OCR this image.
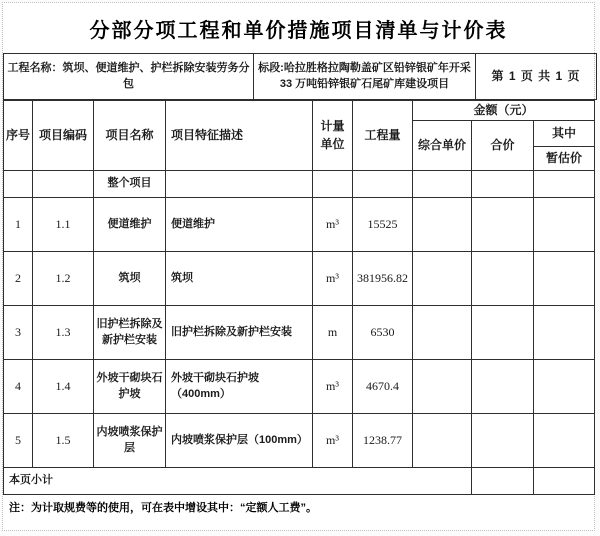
分部分项工程和单价措施项目清单与计价表
工程名称：筑坝、便道维护、护栏拆除安装劳务分包	标段:哈拉胜格拉陶勒盖矿区铅锌银矿年开采 33 万吨铅锌银矿石尾矿库建设项目	第 1 页 共 1 页
序号	项目编码	项目名称	项目特征描述	计量单位	工程量	金额（元）		
						综合单价	合价	其中
								暂估价
		整个项目						
1	1.1	便道维护	便道维护	m³	15525			
2	1.2	筑坝	筑坝	m³	381956.82			
3	1.3	旧护栏拆除及新护栏安装	旧护栏拆除及新护栏安装	m	6530			
4	1.4	外坡干砌块石护坡	外坡干砌块石护坡（400mm）	m³	4670.4			
5	1.5	内坡喷浆保护层	内坡喷浆保护层（100mm）	m³	1238.77			
本页小计								
注：为计取规费等的使用，可在表中增设其中：“定额人工费”。
